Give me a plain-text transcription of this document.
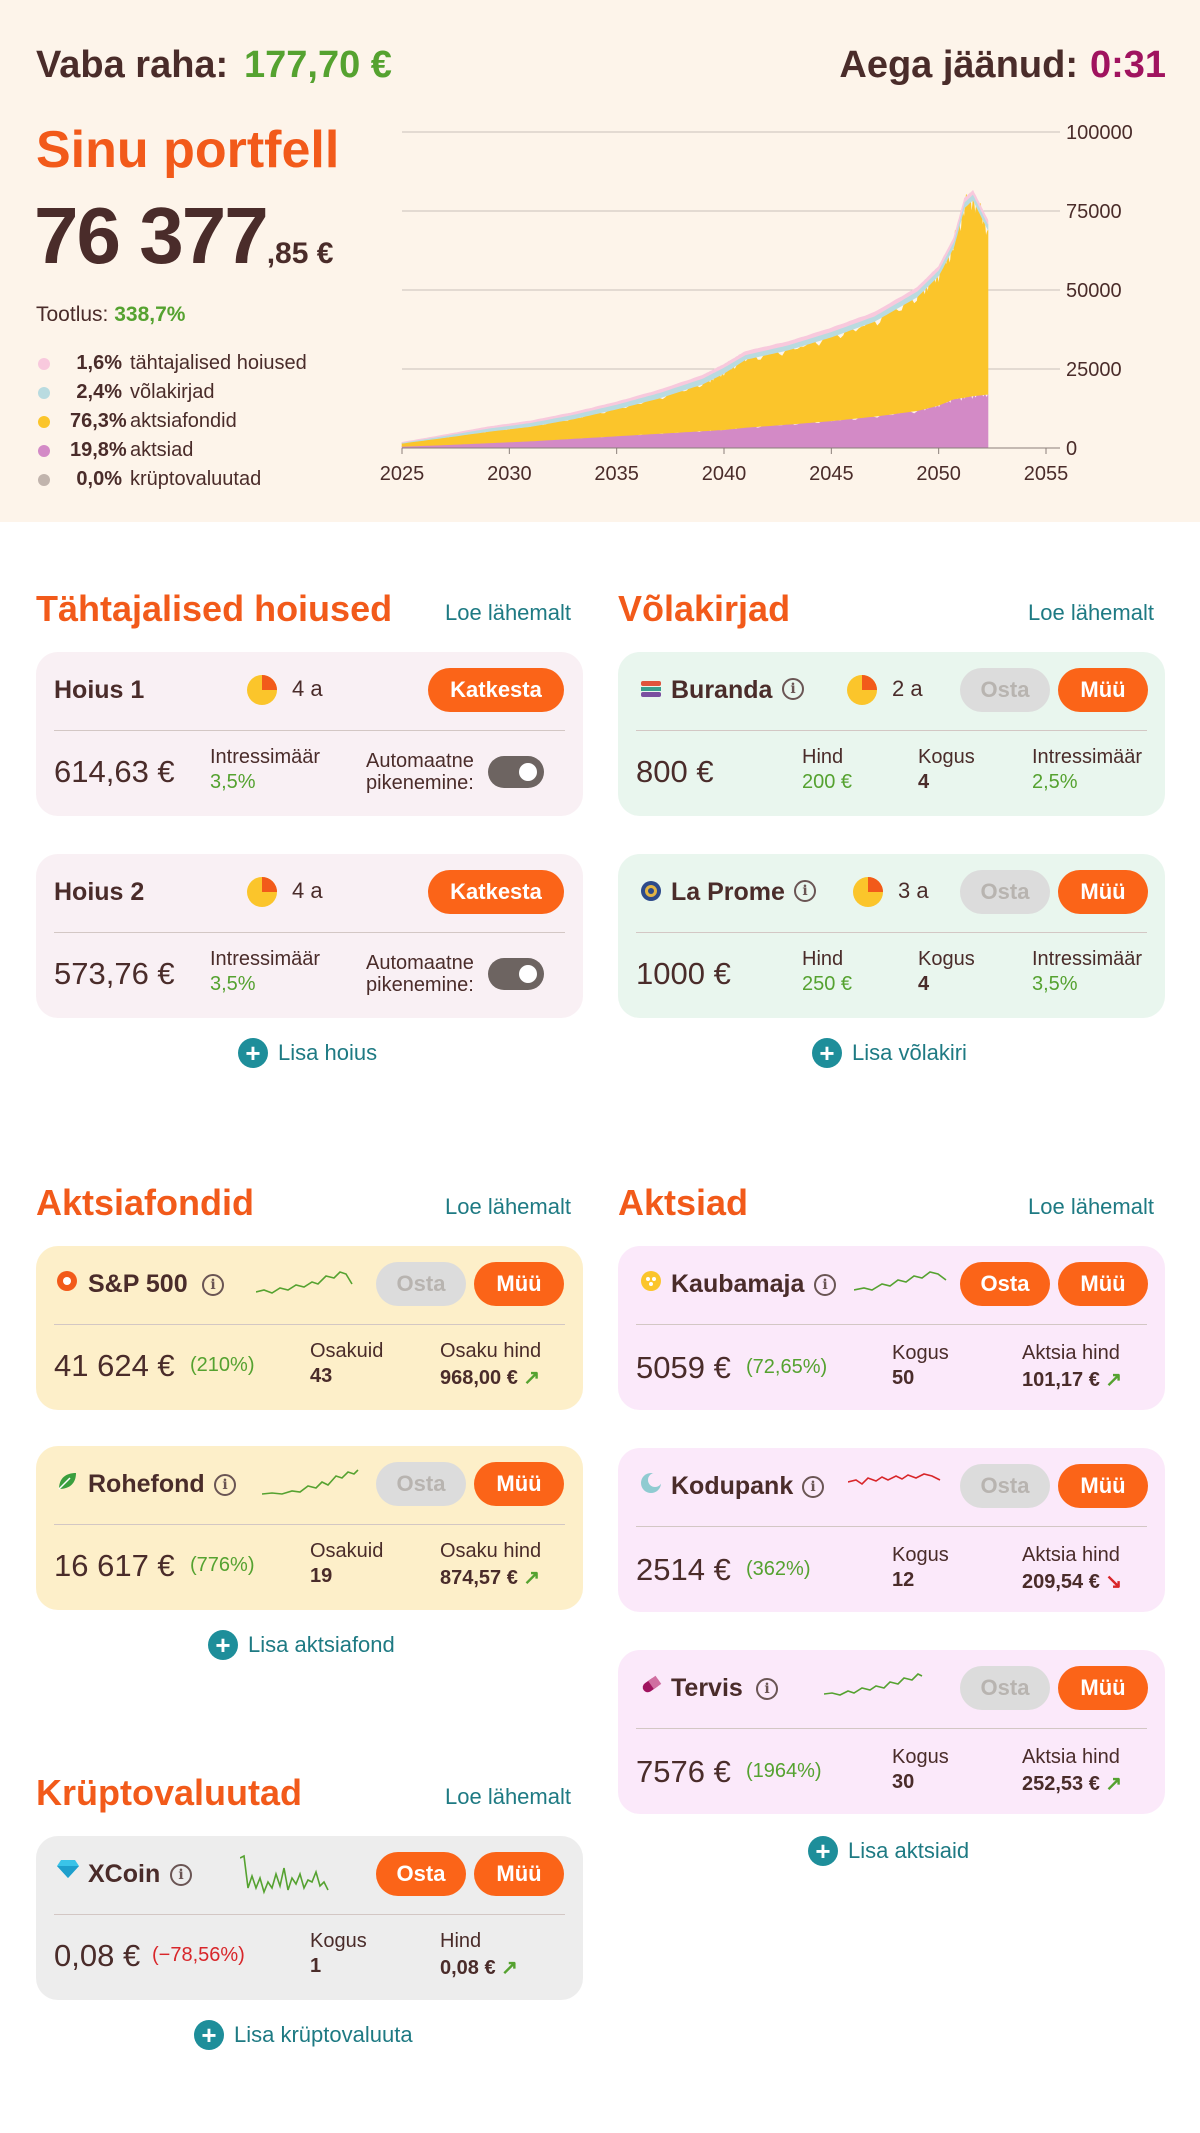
Vaba raha: 177,70 €	Aega jäänud: 0:31
Sinu portfell
76 377,85 €
Tootlus: 338,7%
1,6% tähtajalised hoiused
2,4% võlakirjad
76,3% aktsiafondid
19,8% aktsiad
0,0% krüptovaluutad
100000
75000
50000
25000
0
2025	2030	2035	2040	2045	2050	2055
Tähtajalised hoiused Loe lähemalt
Hoius 1	4 a	Katkesta
614,63 € Intressimäär
3,5%
Automaatne
pikenemine:
Hoius 2	4 a	Katkesta
573,76 € Intressimäär
3,5%
Automaatne
pikenemine:
+ Lisa hoius
Võlakirjad	Loe lähemalt
Buranda	i	2 a	Osta	Müü
800 €	Hind
200 €
Kogus
4
Intressimäär
2,5%
La Prome	i	3 a	Osta	Müü
1000 €	Hind
250 €
Kogus
4
Intressimäär
3,5%
+ Lisa võlakiri
Aktsiafondid	Loe lähemalt
S&P 500	i	Osta	Müü
41 624 € (210%)
Osakuid
43
Osaku hind
968,00 € ↗
Rohefond	i	Osta	Müü
16 617 € (776%)
Osakuid
19
Osaku hind
874,57 € ↗
+ Lisa aktsiafond
Aktsiad	Loe lähemalt
Kaubamaja	i	Osta	Müü
5059 € (72,65%)
Kogus
50
Aktsia hind
101,17 € ↗
Kodupank	i	Osta	Müü
2514 € (362%)
Kogus
12
Aktsia hind
209,54 € ↘
Tervis	i	Osta	Müü
7576 € (1964%)
Kogus
30
Aktsia hind
252,53 € ↗
+ Lisa aktsiaid
Krüptovaluutad	Loe lähemalt
XCoin	i	Osta	Müü
0,08 € (−78,56%)
Kogus
1
Hind
0,08 € ↗
+ Lisa krüptovaluuta
